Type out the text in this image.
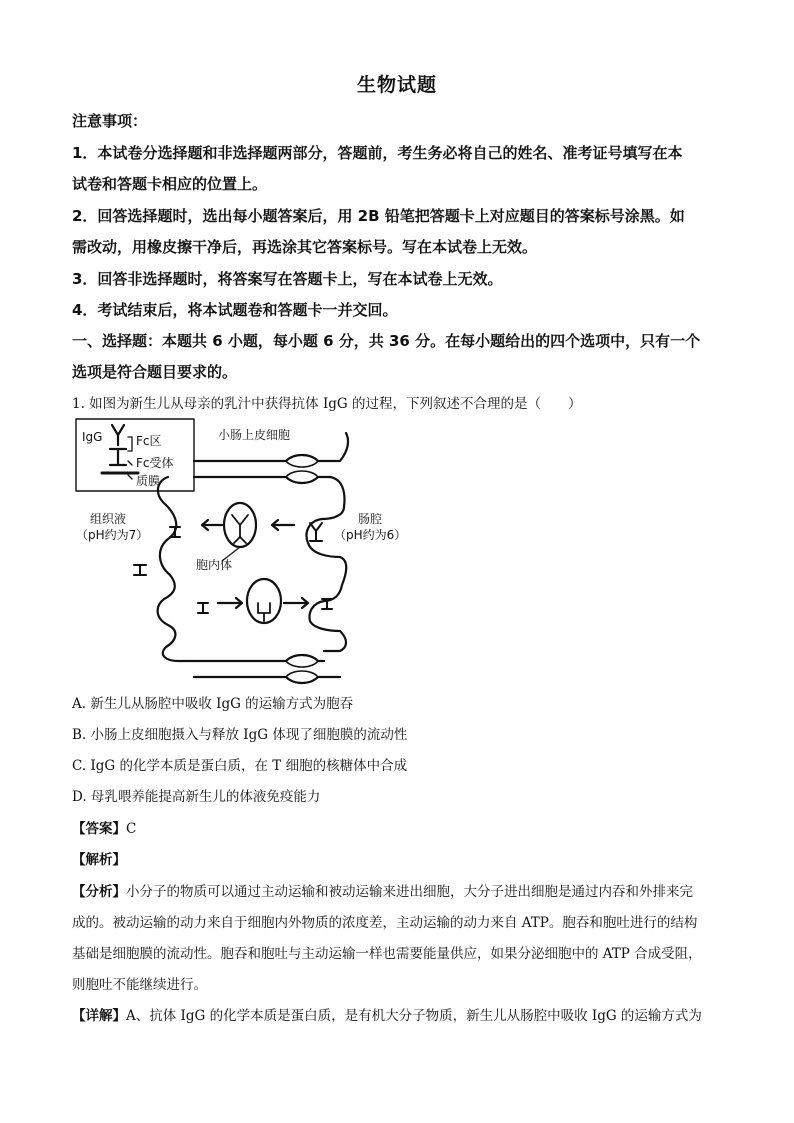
生物试题
注意事项：
1．本试卷分选择题和非选择题两部分，答题前，考生务必将自己的姓名、准考证号填写在本
试卷和答题卡相应的位置上。
2．回答选择题时，选出每小题答案后，用 2B 铅笔把答题卡上对应题目的答案标号涂黑。如
需改动，用橡皮擦干净后，再选涂其它答案标号。写在本试卷上无效。
3．回答非选择题时，将答案写在答题卡上，写在本试卷上无效。
4．考试结束后，将本试题卷和答题卡一并交回。
一、选择题：本题共 6 小题，每小题 6 分，共 36 分。在每小题给出的四个选项中，只有一个
选项是符合题目要求的。
1. 如图为新生儿从母亲的乳汁中获得抗体 IgG 的过程，下列叙述不合理的是（　　）
IgG	Fc区
Fc受体
质膜
小肠上皮细胞
组织液
（pH约为7）
肠腔
（pH约为6）
胞内体
A. 新生儿从肠腔中吸收 IgG 的运输方式为胞吞
B. 小肠上皮细胞摄入与释放 IgG 体现了细胞膜的流动性
C. IgG 的化学本质是蛋白质，在 T 细胞的核糖体中合成
D. 母乳喂养能提高新生儿的体液免疫能力
【答案】C
【解析】
【分析】小分子的物质可以通过主动运输和被动运输来进出细胞，大分子进出细胞是通过内吞和外排来完
成的。被动运输的动力来自于细胞内外物质的浓度差，主动运输的动力来自 ATP。胞吞和胞吐进行的结构
基础是细胞膜的流动性。胞吞和胞吐与主动运输一样也需要能量供应，如果分泌细胞中的 ATP 合成受阻，
则胞吐不能继续进行。
【详解】A、抗体 IgG 的化学本质是蛋白质，是有机大分子物质，新生儿从肠腔中吸收 IgG 的运输方式为
